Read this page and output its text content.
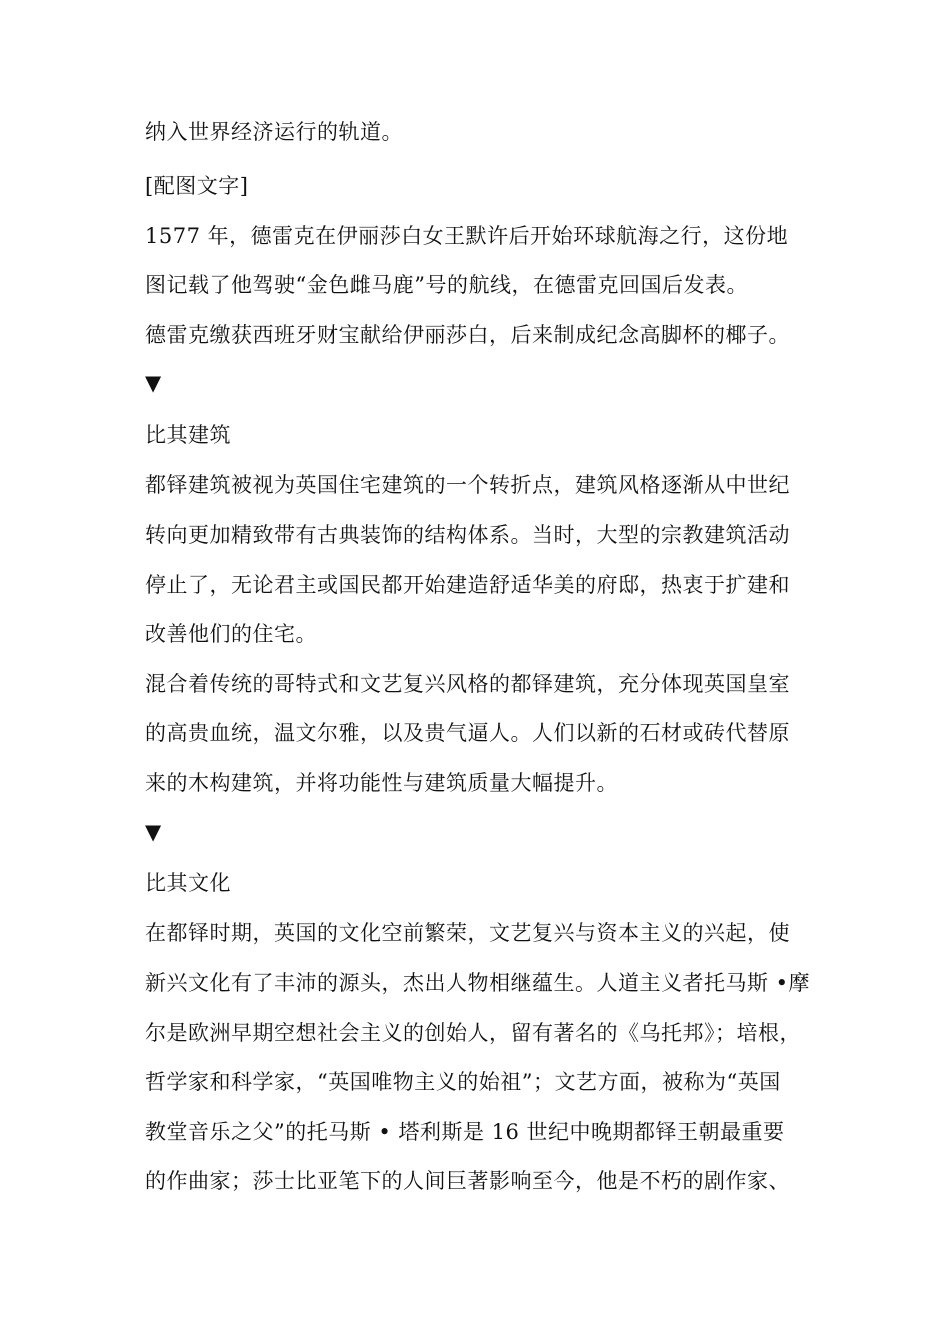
纳入世界经济运行的轨道。
[配图文字]
1577 年，德雷克在伊丽莎白女王默许后开始环球航海之行，这份地
图记载了他驾驶“金色雌马鹿”号的航线，在德雷克回国后发表。
德雷克缴获西班牙财宝献给伊丽莎白，后来制成纪念高脚杯的椰子。
▼
比其建筑
都铎建筑被视为英国住宅建筑的一个转折点，建筑风格逐渐从中世纪
转向更加精致带有古典装饰的结构体系。当时，大型的宗教建筑活动
停止了，无论君主或国民都开始建造舒适华美的府邸，热衷于扩建和
改善他们的住宅。
混合着传统的哥特式和文艺复兴风格的都铎建筑，充分体现英国皇室
的高贵血统，温文尔雅，以及贵气逼人。人们以新的石材或砖代替原
来的木构建筑，并将功能性与建筑质量大幅提升。
▼
比其文化
在都铎时期，英国的文化空前繁荣，文艺复兴与资本主义的兴起，使
新兴文化有了丰沛的源头，杰出人物相继蕴生。人道主义者托马斯 •摩
尔是欧洲早期空想社会主义的创始人，留有著名的《乌托邦》；培根，
哲学家和科学家，“英国唯物主义的始祖”；文艺方面，被称为“英国
教堂音乐之父”的托马斯 • 塔利斯是 16 世纪中晚期都铎王朝最重要
的作曲家；莎士比亚笔下的人间巨著影响至今，他是不朽的剧作家、
